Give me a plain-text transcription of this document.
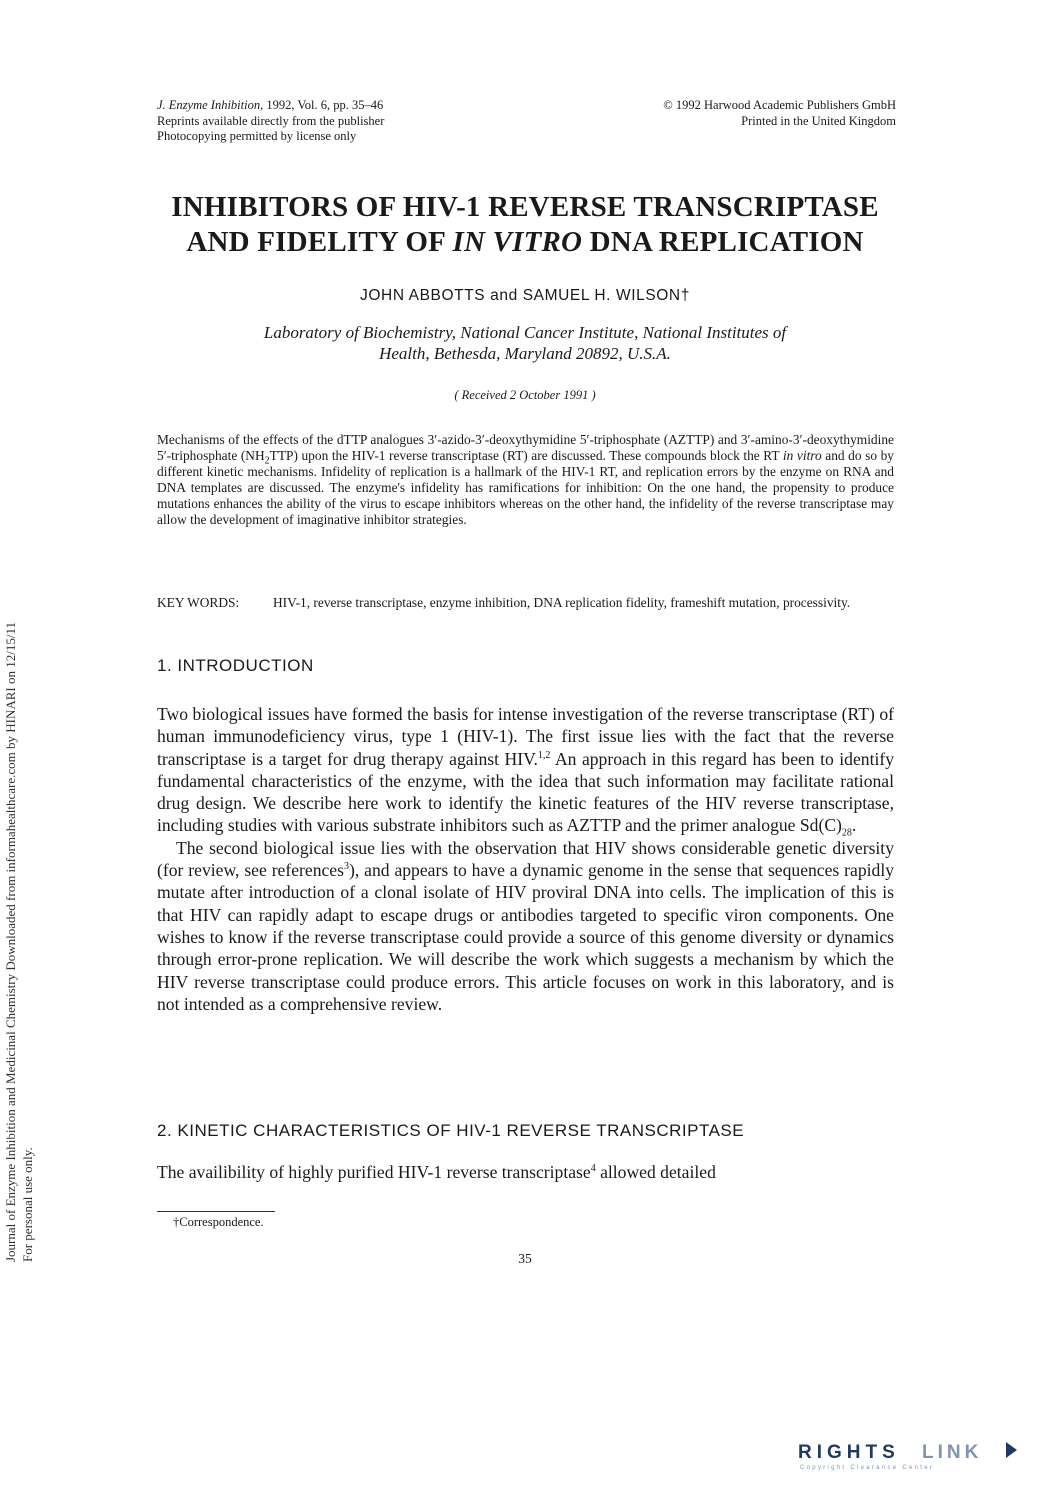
J. Enzyme Inhibition, 1992, Vol. 6, pp. 35–46
Reprints available directly from the publisher
Photocopying permitted by license only
© 1992 Harwood Academic Publishers GmbH
Printed in the United Kingdom
INHIBITORS OF HIV-1 REVERSE TRANSCRIPTASE
AND FIDELITY OF IN VITRO DNA REPLICATION
JOHN ABBOTTS and SAMUEL H. WILSON†
Laboratory of Biochemistry, National Cancer Institute, National Institutes of
Health, Bethesda, Maryland 20892, U.S.A.
( Received 2 October 1991 )
Mechanisms of the effects of the dTTP analogues 3′-azido-3′-deoxythymidine 5′-triphosphate (AZTTP) and 3′-amino-3′-deoxythymidine 5′-triphosphate $(NH_2TTP)$ upon the HIV-1 reverse transcriptase (RT) are discussed. These compounds block the RT in vitro and do so by different kinetic mechanisms. Infidelity of replication is a hallmark of the HIV-1 RT, and replication errors by the enzyme on RNA and DNA templates are discussed. The enzyme's infidelity has ramifications for inhibition: On the one hand, the propensity to produce mutations enhances the ability of the virus to escape inhibitors whereas on the other hand, the infidelity of the reverse transcriptase may allow the development of imaginative inhibitor strategies.
KEY WORDS:	HIV-1, reverse transcriptase, enzyme inhibition, DNA replication fidelity, frameshift mutation, processivity.
1. INTRODUCTION

Two biological issues have formed the basis for intense investigation of the reverse transcriptase (RT) of human immunodeficiency virus, type 1 (HIV-1). The first issue lies with the fact that the reverse transcriptase is a target for drug therapy against HIV.$^{1,2}$ An approach in this regard has been to identify fundamental characteristics of the enzyme, with the idea that such information may facilitate rational drug design. We describe here work to identify the kinetic features of the HIV reverse transcriptase, including studies with various substrate inhibitors such as AZTTP and the primer analogue $Sd(C)_{28}$.

The second biological issue lies with the observation that HIV shows considerable genetic diversity (for review, see references$^3$), and appears to have a dynamic genome in the sense that sequences rapidly mutate after introduction of a clonal isolate of HIV proviral DNA into cells. The implication of this is that HIV can rapidly adapt to escape drugs or antibodies targeted to specific viron components. One wishes to know if the reverse transcriptase could provide a source of this genome diversity or dynamics through error-prone replication. We will describe the work which suggests a mechanism by which the HIV reverse transcriptase could produce errors. This article focuses on work in this laboratory, and is not intended as a comprehensive review.

2. KINETIC CHARACTERISTICS OF HIV-1 REVERSE TRANSCRIPTASE

The availibility of highly purified HIV-1 reverse transcriptase$^4$ allowed detailed

†Correspondence.
35
Journal of Enzyme Inhibition and Medicinal Chemistry Downloaded from informahealthcare.com by HINARI on 12/15/11 For personal use only.
RIGHTS LINK
Copyright Clearance Center
